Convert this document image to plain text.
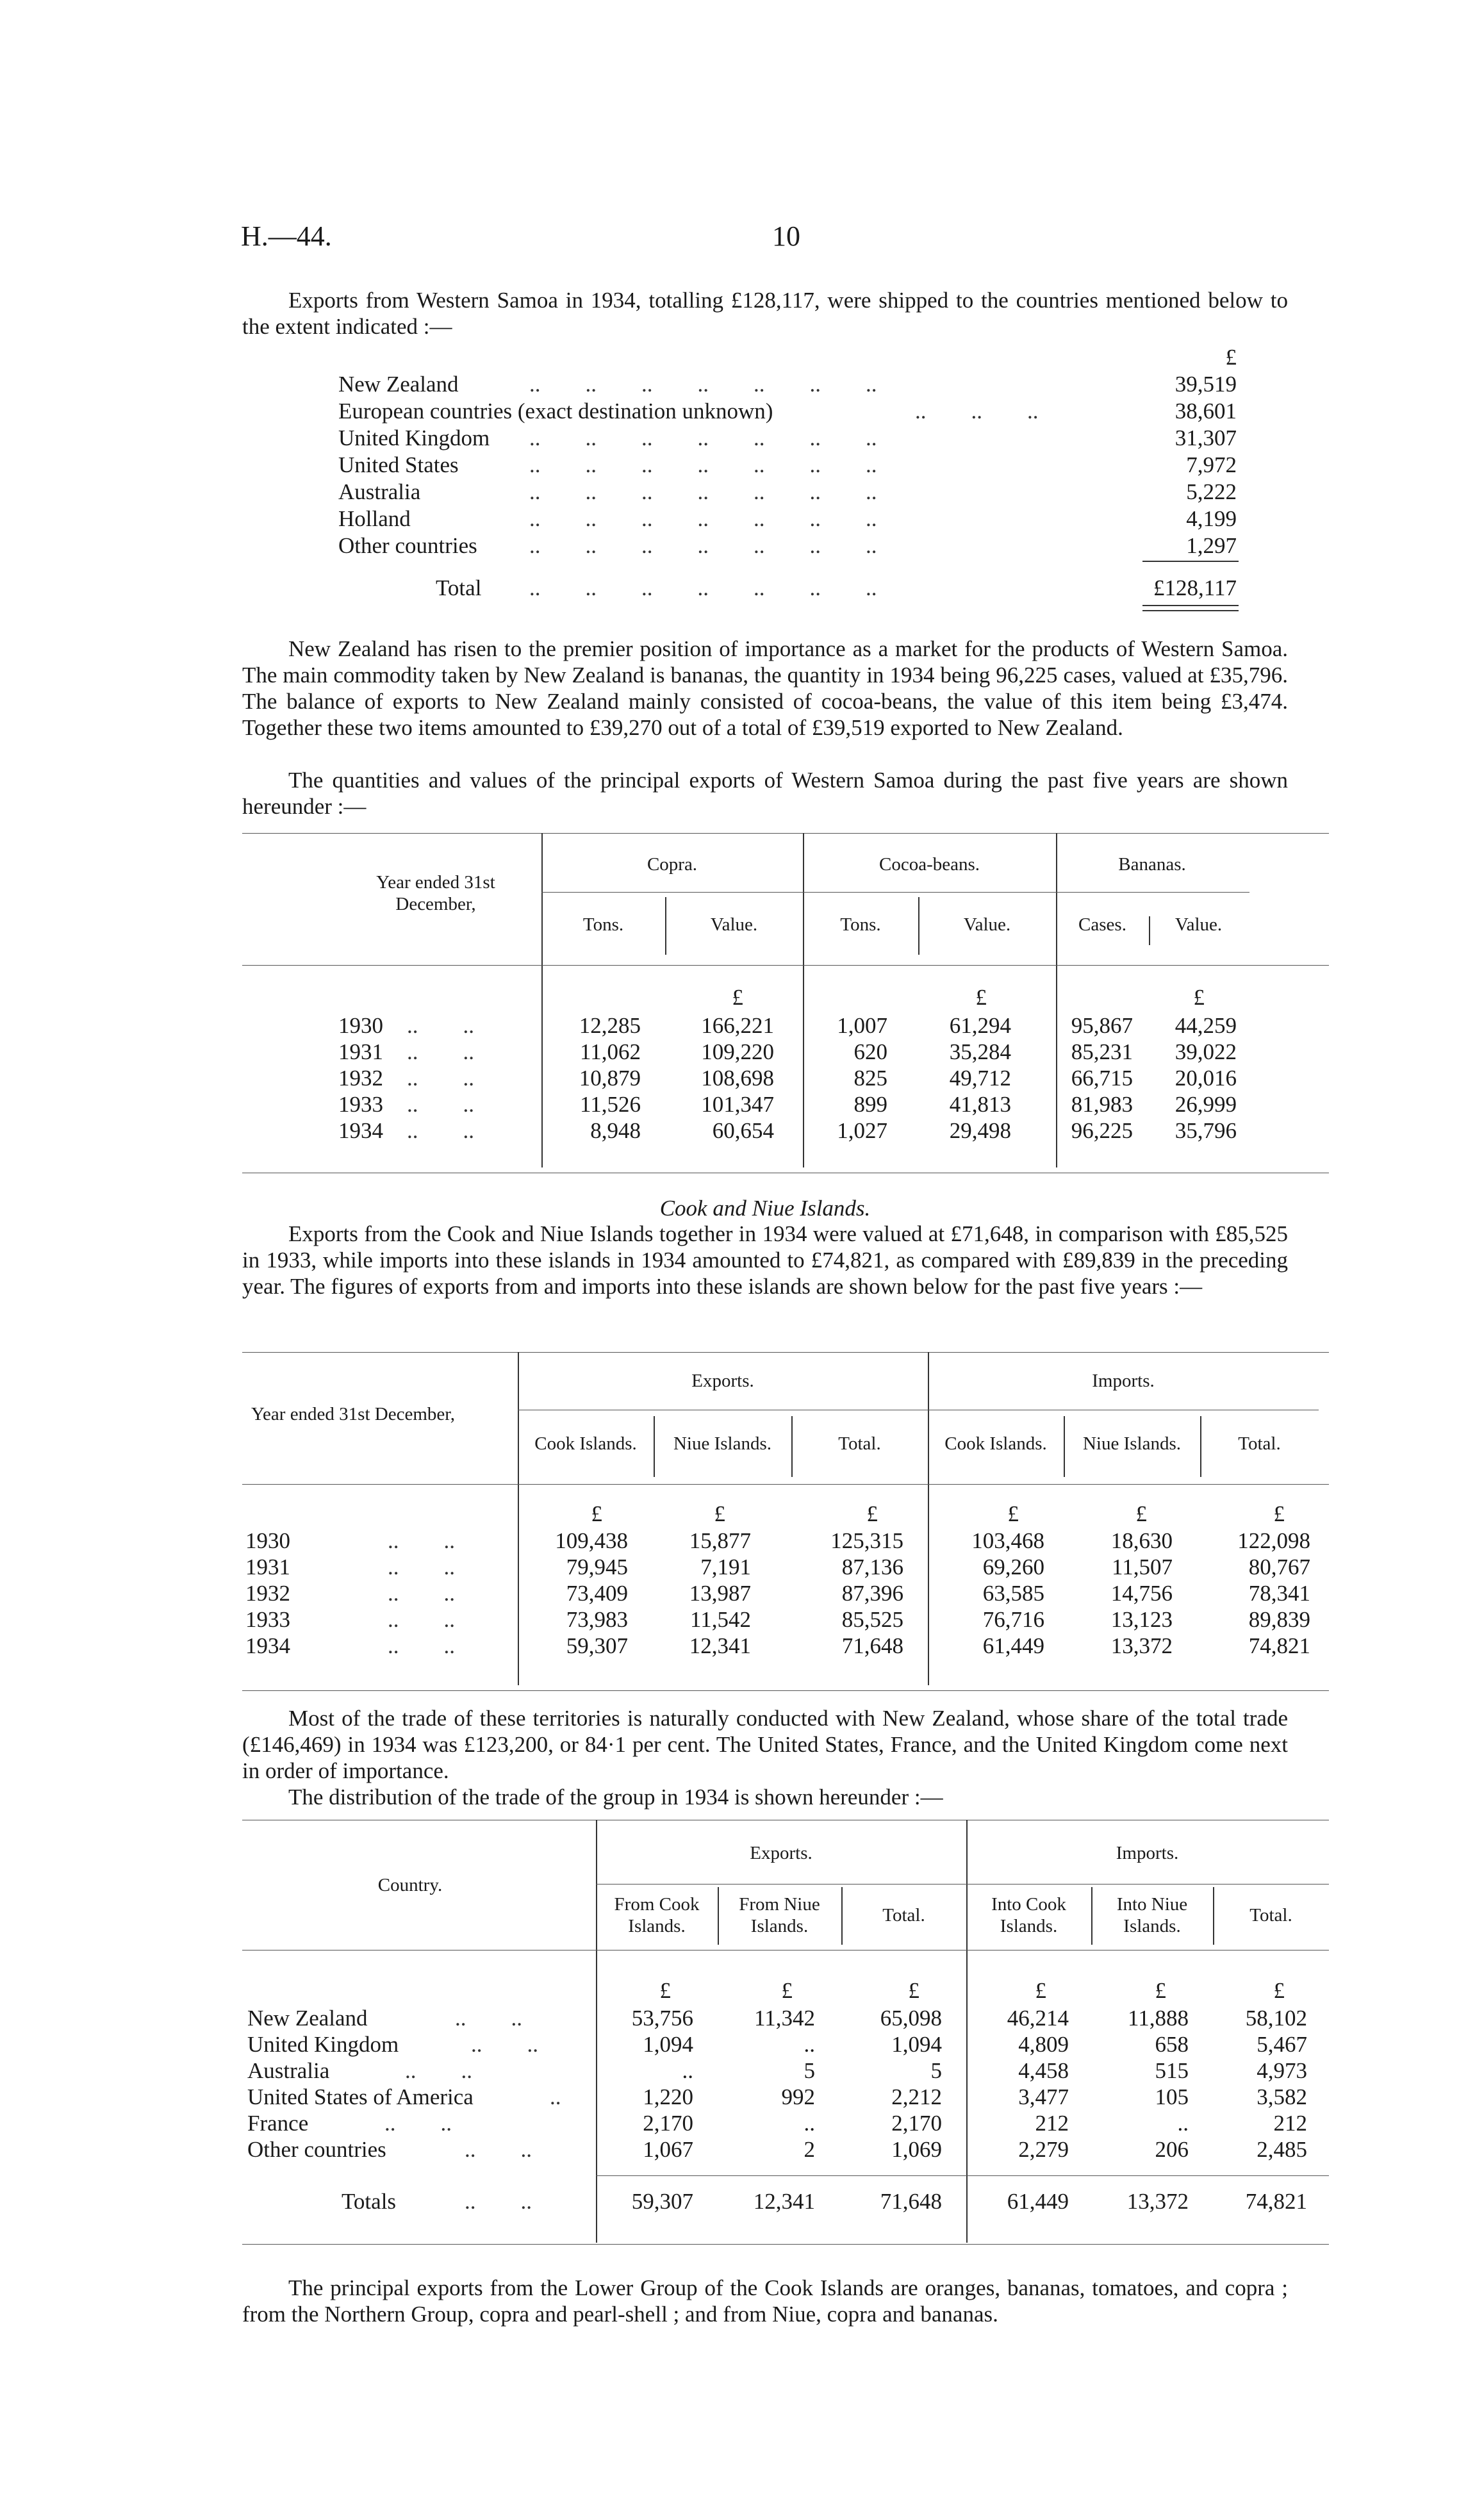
H.—44.	10

Exports from Western Samoa in 1934, totalling £128,117, were shipped to the countries mentioned below to the extent indicated :—

£
New Zealand	..        ..        ..        ..        ..        ..        ..	39,519
European countries (exact destination unknown)	..        ..        ..	38,601
United Kingdom ..        ..        ..        ..        ..        ..        ..	31,307
United States	..        ..        ..        ..        ..        ..        ..	7,972
Australia	..        ..        ..        ..        ..        ..        ..	5,222
Holland	..        ..        ..        ..        ..        ..        ..	4,199
Other countries ..        ..        ..        ..        ..        ..        ..	1,297
Total ..        ..        ..        ..        ..        ..        ..	£128,117

New Zealand has risen to the premier position of importance as a market for the products of Western Samoa. The main commodity taken by New Zealand is bananas, the quantity in 1934 being 96,225 cases, valued at £35,796. The balance of exports to New Zealand mainly consisted of cocoa-beans, the value of this item being £3,474. Together these two items amounted to £39,270 out of a total of £39,519 exported to New Zealand.

The quantities and values of the principal exports of Western Samoa during the past five years are shown hereunder :—

Year ended 31st December,
Copra.	Cocoa-beans.	Bananas.
Tons.	Value.	Tons.	Value.	Cases.	Value.
£	£	£
1930 ..        ..	12,285	166,221	1,007	61,294	95,867	44,259
1931 ..        ..	11,062	109,220	620	35,284	85,231	39,022
1932 ..        ..	10,879	108,698	825	49,712	66,715	20,016
1933 ..        ..	11,526	101,347	899	41,813	81,983	26,999
1934 ..        ..	8,948	60,654	1,027	29,498	96,225	35,796
Cook and Niue Islands.

Exports from the Cook and Niue Islands together in 1934 were valued at £71,648, in comparison with £85,525 in 1933, while imports into these islands in 1934 amounted to £74,821, as compared with £89,839 in the preceding year. The figures of exports from and imports into these islands are shown below for the past five years :—

Year ended 31st December,
Exports.	Imports.
Cook Islands.	Niue Islands.	Total.	Cook Islands.	Niue Islands.	Total.
£	£	£	£	£	£
1930	..        ..	109,438	15,877	125,315	103,468	18,630	122,098
1931	..        ..	79,945	7,191	87,136	69,260	11,507	80,767
1932	..        ..	73,409	13,987	87,396	63,585	14,756	78,341
1933	..        ..	73,983	11,542	85,525	76,716	13,123	89,839
1934	..        ..	59,307	12,341	71,648	61,449	13,372	74,821

Most of the trade of these territories is naturally conducted with New Zealand, whose share of the total trade (£146,469) in 1934 was £123,200, or 84·1 per cent. The United States, France, and the United Kingdom come next in order of importance.

The distribution of the trade of the group in 1934 is shown hereunder :—

Country.
Exports.	Imports.
From Cook Islands.
From Niue Islands.
Total.
Into Cook Islands.
Into Niue Islands.
Total.
£	£	£	£	£	£
New Zealand	..        ..	53,756	11,342	65,098	46,214	11,888	58,102
United Kingdom	..        ..	1,094	..	1,094	4,809	658	5,467
Australia	..        ..	..	5	5	4,458	515	4,973
United States of America	..	1,220	992	2,212	3,477	105	3,582
France	..        ..	2,170	..	2,170	212	..	212
Other countries	..        ..	1,067	2	1,069	2,279	206	2,485
Totals	..        ..	59,307	12,341	71,648	61,449	13,372	74,821

The principal exports from the Lower Group of the Cook Islands are oranges, bananas, tomatoes, and copra ; from the Northern Group, copra and pearl-shell ; and from Niue, copra and bananas.
